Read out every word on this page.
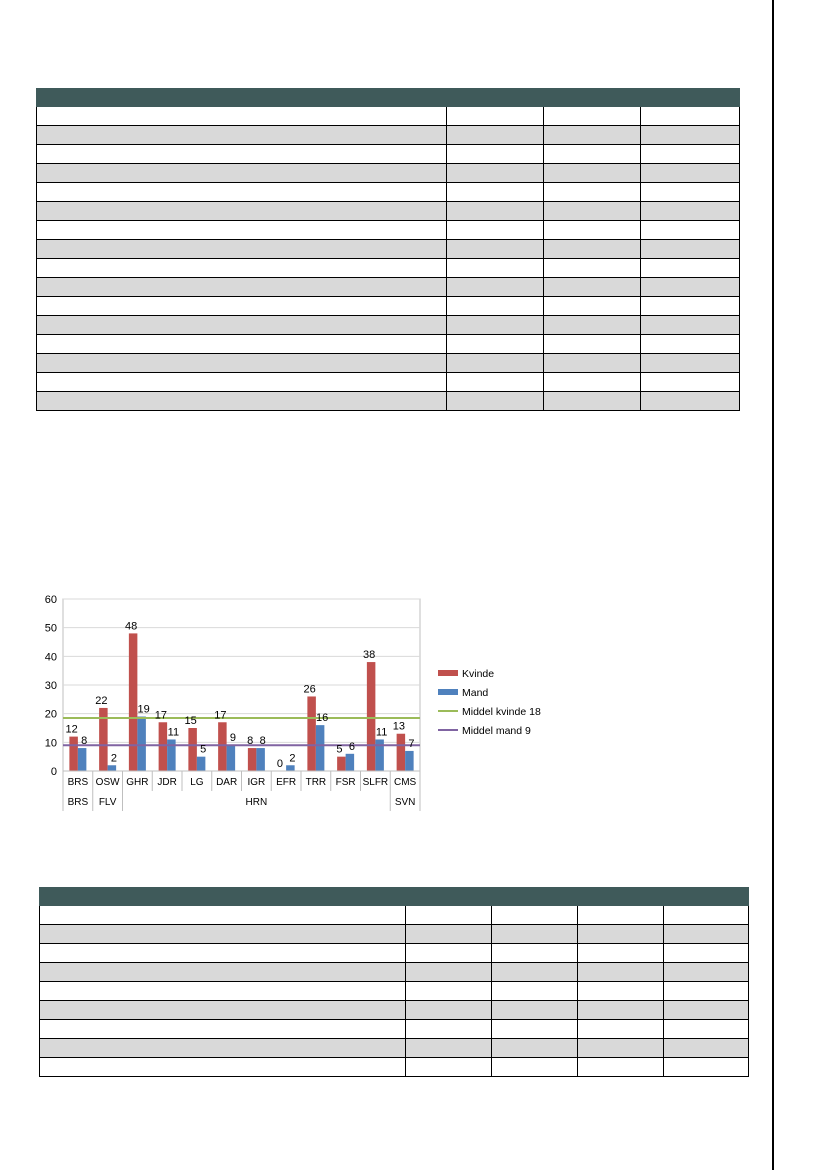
0
10
20
30
40
50
60
12
22
48
17 15 17
8
0
26
5
38
13
8
2
19
11
5
9 8
2
16
6
11
7
BRS OSW GHR JDR LG DAR IGR EFR TRR FSR SLFR CMS
BRS FLV	HRN	SVN
Kvinde
Mand
Middel kvinde 18
Middel mand 9
